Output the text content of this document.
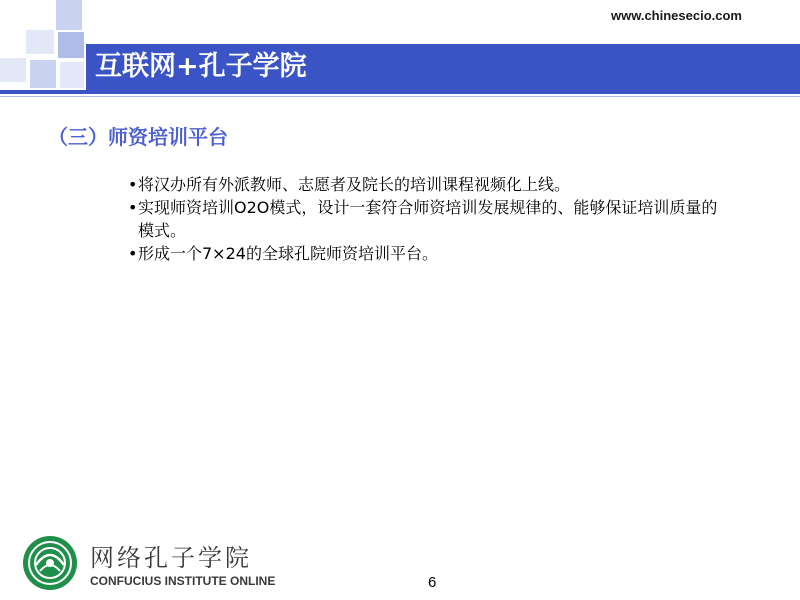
www.chinesecio.com
互联网+孔子学院
（三）师资培训平台
• 将汉办所有外派教师、志愿者及院长的培训课程视频化上线。
• 实现师资培训O2O模式，设计一套符合师资培训发展规律的、能够保证培训质量的模式。
• 形成一个7×24的全球孔院师资培训平台。
网络孔子学院
CONFUCIUS INSTITUTE ONLINE	6
